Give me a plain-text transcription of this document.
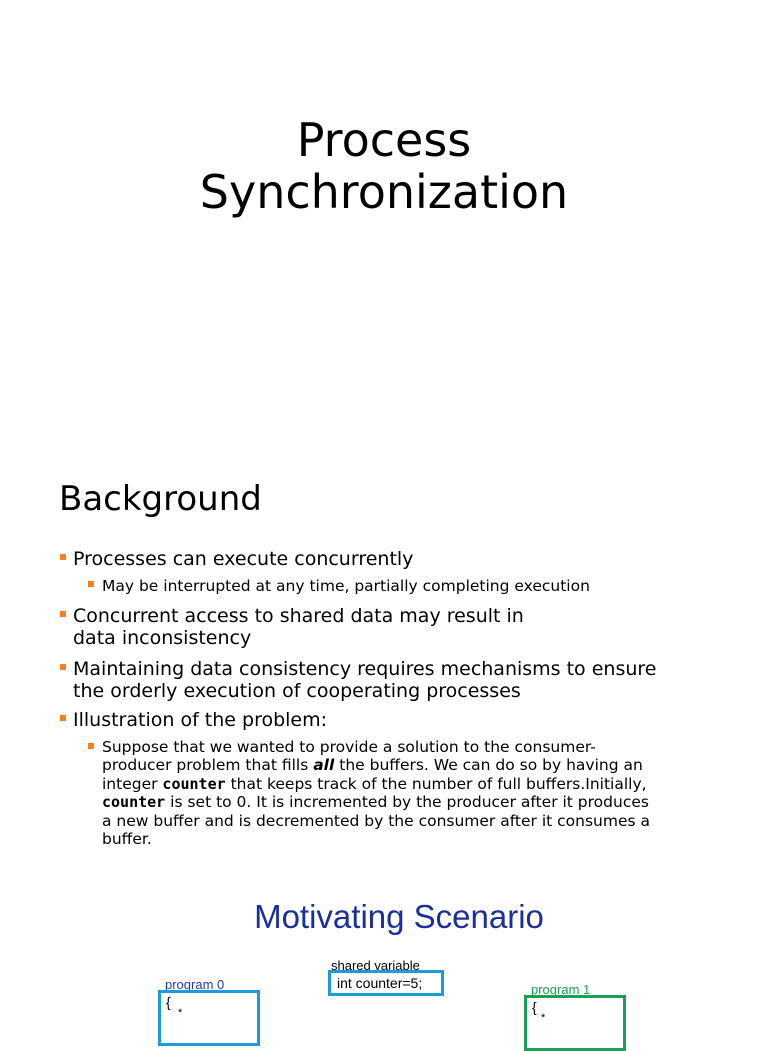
Process
Synchronization
Background
Processes can execute concurrently
May be interrupted at any time, partially completing execution
Concurrent access to shared data may result in
data inconsistency
Maintaining data consistency requires mechanisms to ensure
the orderly execution of cooperating processes
Illustration of the problem:
Suppose that we wanted to provide a solution to the consumer-
producer problem that fills all the buffers. We can do so by having an
integer counter that keeps track of the number of full buffers.Initially,
counter is set to 0. It is incremented by the producer after it produces
a new buffer and is decremented by the consumer after it consumes a
buffer.
Motivating Scenario
shared variable
int counter=5;
program 0
{
*
program 1
{
*
